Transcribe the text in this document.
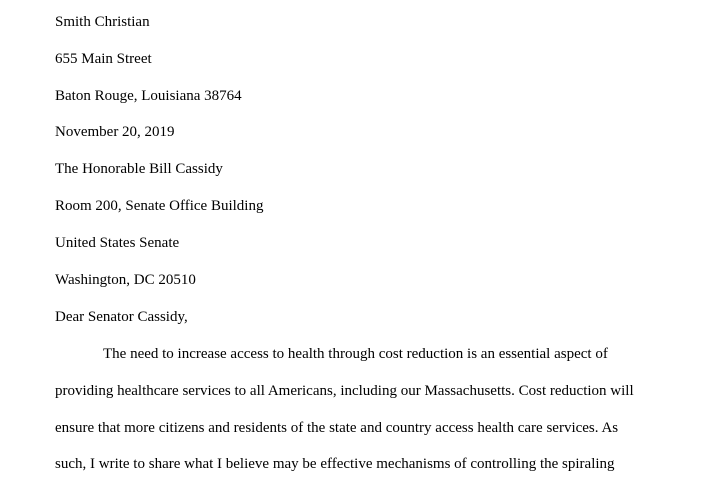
Smith Christian
655 Main Street
Baton Rouge, Louisiana 38764
November 20, 2019
The Honorable Bill Cassidy
Room 200, Senate Office Building
United States Senate
Washington, DC 20510
Dear Senator Cassidy,
The need to increase access to health through cost reduction is an essential aspect of
providing healthcare services to all Americans, including our Massachusetts. Cost reduction will
ensure that more citizens and residents of the state and country access health care services. As
such, I write to share what I believe may be effective mechanisms of controlling the spiraling
